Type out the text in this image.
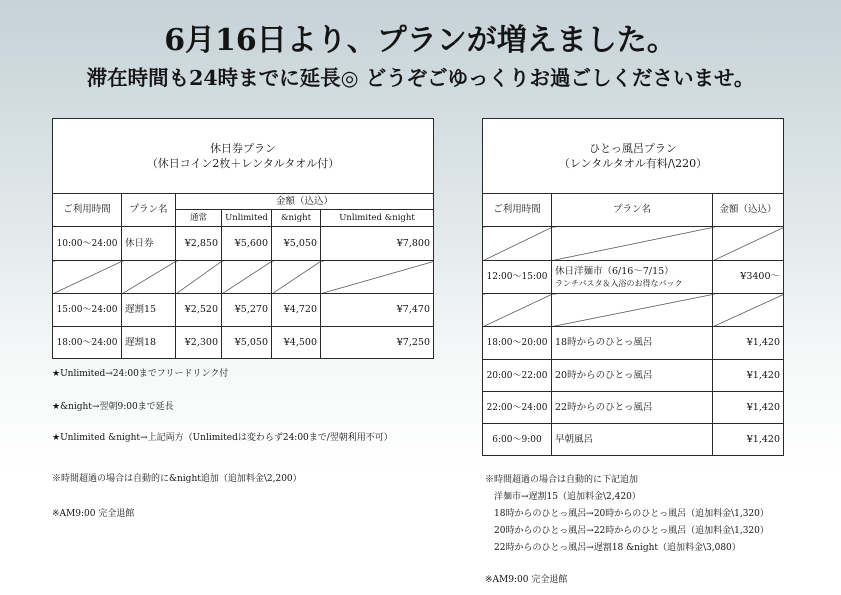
6月16日より、プランが増えました。
滞在時間も24時までに延長◎ どうぞごゆっくりお過ごしくださいませ。
休日券プラン
（休日コイン2枚＋レンタルタオル付）					

ご利用時間	プラン名	金額（込込）			
		通常	Unlimited	&night	Unlimited &night
10:00～24:00	休日券	¥2,850	¥5,600	¥5,050	¥7,800

15:00～24:00	遅割15	¥2,520	¥5,270	¥4,720	¥7,470
18:00～24:00	遅割18	¥2,300	¥5,050	¥4,500	¥7,250
ひとっ風呂プラン
（レンタルタオル有料/\220）		

ご利用時間	プラン名	金額（込込）

12:00～15:00	休日洋麺市（6/16～7/15）
ランチパスタ＆入浴のお得なパック	¥3400～

18:00～20:00	18時からのひとっ風呂	¥1,420
20:00～22:00	20時からのひとっ風呂	¥1,420
22:00～24:00	22時からのひとっ風呂	¥1,420
6:00～9:00	早朝風呂	¥1,420
★Unlimited→24:00までフリードリンク付
★&night→翌朝9:00まで延長
★Unlimited &night→上記両方（Unlimitedは変わらず24:00まで/翌朝利用不可）
※時間超過の場合は自動的に&night追加（追加料金\2,200）
※AM9:00 完全退館
※時間超過の場合は自動的に下記追加
洋麺市→遅割15（追加料金\2,420）
18時からのひとっ風呂→20時からのひとっ風呂（追加料金\1,320）
20時からのひとっ風呂→22時からのひとっ風呂（追加料金\1,320）
22時からのひとっ風呂→遅割18 &night（追加料金\3,080）
※AM9:00 完全退館
